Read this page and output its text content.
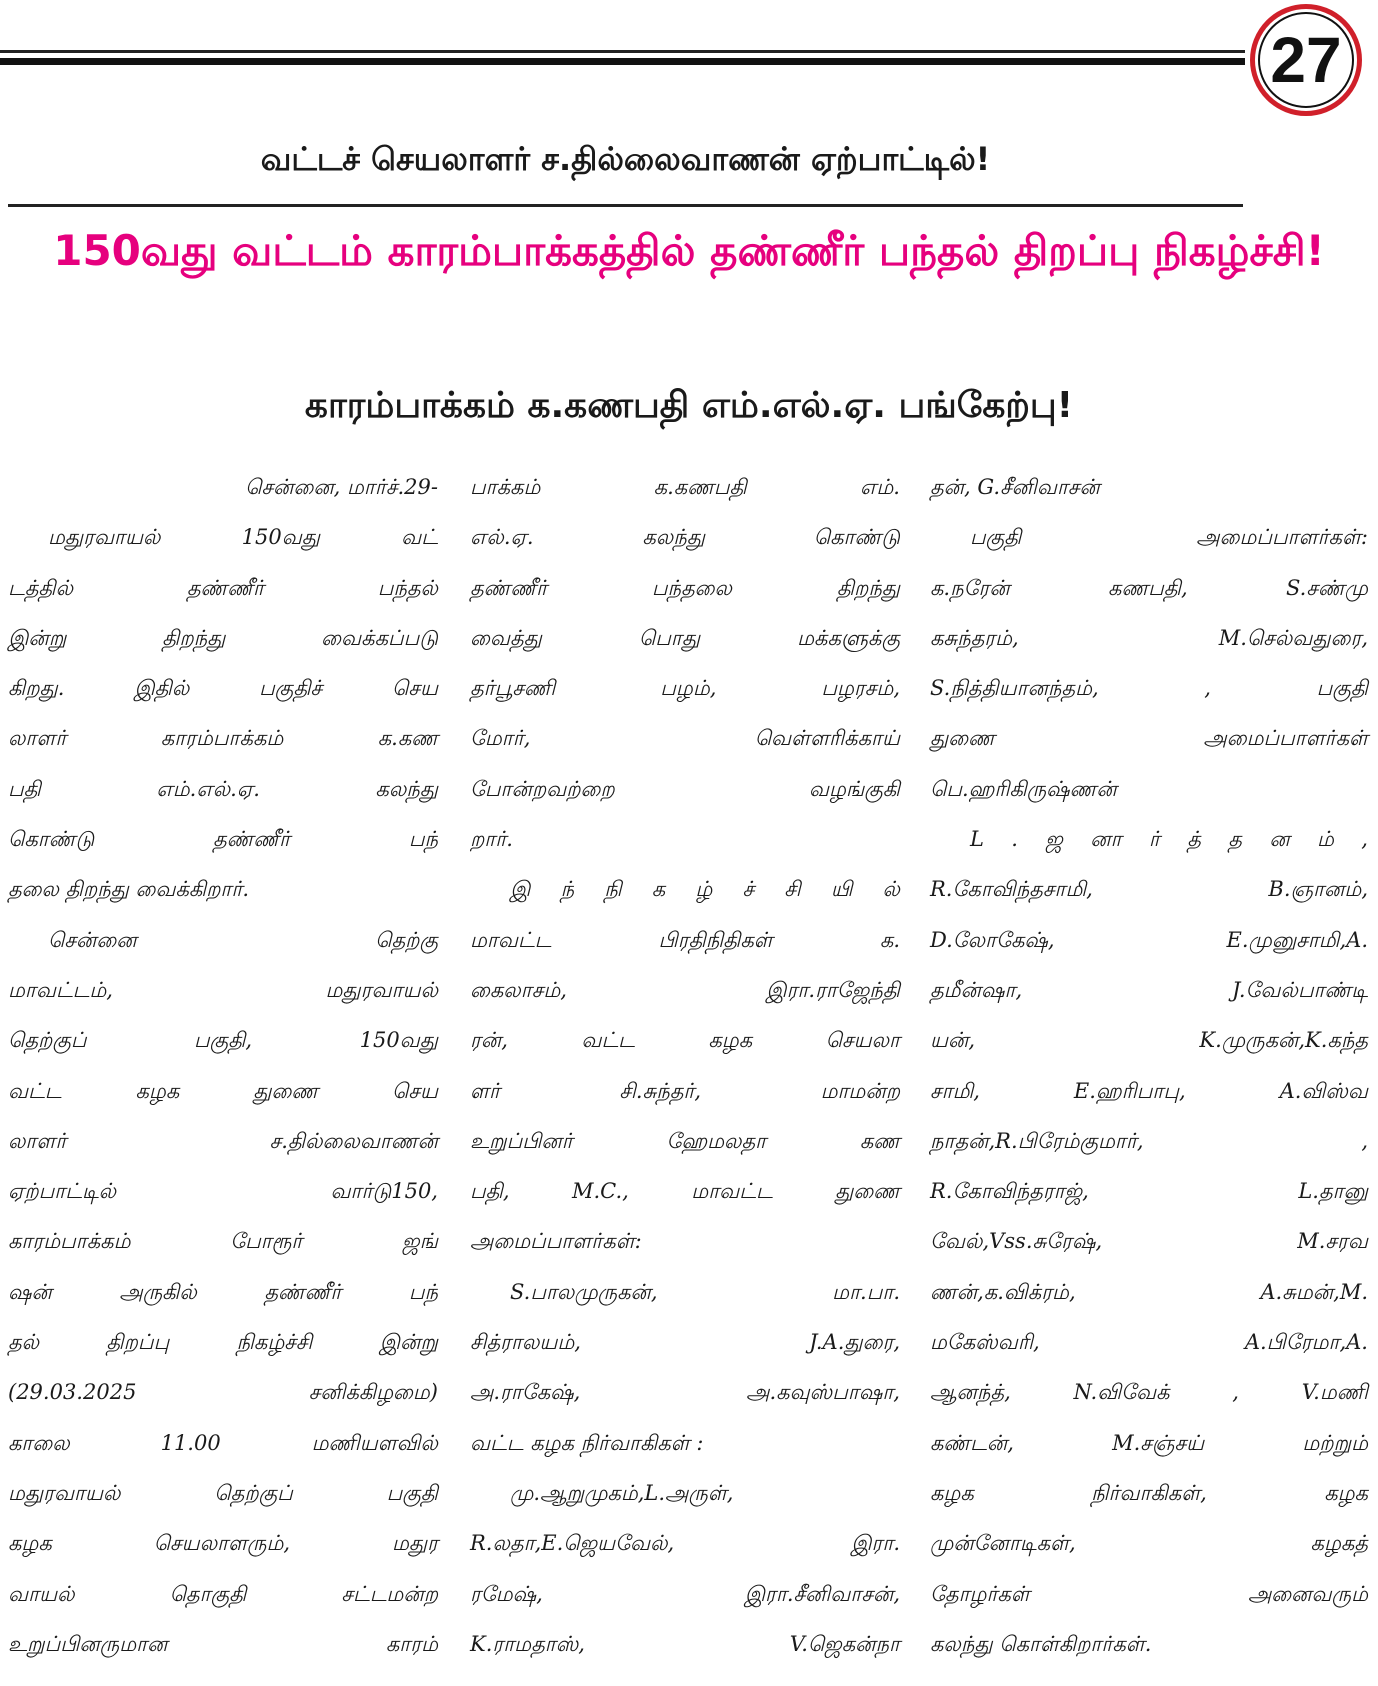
27
வட்டச் செயலாளர் ச.தில்லைவாணன் ஏற்பாட்டில்!
150வது வட்டம் காரம்பாக்கத்தில் தண்ணீர் பந்தல் திறப்பு நிகழ்ச்சி!
காரம்பாக்கம் க.கணபதி எம்.எல்.ஏ. பங்கேற்பு!
சென்னை, மார்ச்.29-
மதுரவாயல் 150வது வட்
டத்தில் தண்ணீர் பந்தல்
இன்று திறந்து வைக்கப்படு
கிறது. இதில் பகுதிச் செய
லாளர் காரம்பாக்கம் க.கண
பதி எம்.எல்.ஏ. கலந்து
கொண்டு தண்ணீர் பந்
தலை திறந்து வைக்கிறார்.
சென்னை தெற்கு
மாவட்டம், மதுரவாயல்
தெற்குப் பகுதி, 150வது
வட்ட கழக துணை செய
லாளர் ச.தில்லைவாணன்
ஏற்பாட்டில் வார்டு150,
காரம்பாக்கம் போரூர் ஜங்
ஷன் அருகில் தண்ணீர் பந்
தல் திறப்பு நிகழ்ச்சி இன்று
(29.03.2025 சனிக்கிழமை)
காலை 11.00 மணியளவில்
மதுரவாயல் தெற்குப் பகுதி
கழக செயலாளரும், மதுர
வாயல் தொகுதி சட்டமன்ற
உறுப்பினருமான காரம்
பாக்கம் க.கணபதி எம்.
எல்.ஏ. கலந்து கொண்டு
தண்ணீர் பந்தலை திறந்து
வைத்து பொது மக்களுக்கு
தர்பூசணி பழம், பழரசம்,
மோர், வெள்ளரிக்காய்
போன்றவற்றை வழங்குகி
றார்.
இ ந் நி க ழ் ச் சி யி ல்
மாவட்ட பிரதிநிதிகள் க.
கைலாசம், இரா.ராஜேந்தி
ரன், வட்ட கழக செயலா
ளர் சி.சுந்தர், மாமன்ற
உறுப்பினர் ஹேமலதா கண
பதி, M.C., மாவட்ட துணை
அமைப்பாளர்கள்:
S.பாலமுருகன், மா.பா.
சித்ராலயம், J.A.துரை,
அ.ராகேஷ், அ.கவுஸ்பாஷா,
வட்ட கழக நிர்வாகிகள் :
மு.ஆறுமுகம்,L.அருள்,
R.லதா,E.ஜெயவேல், இரா.
ரமேஷ், இரா.சீனிவாசன்,
K.ராமதாஸ், V.ஜெகன்நா
தன், G.சீனிவாசன்
பகுதி அமைப்பாளர்கள்:
க.நரேன் கணபதி, S.சண்மு
கசுந்தரம், M.செல்வதுரை,
S.நித்தியானந்தம், , பகுதி
துணை அமைப்பாளர்கள்
பெ.ஹரிகிருஷ்ணன்
L . ஜ னா ர் த் த ன ம் ,
R.கோவிந்தசாமி, B.ஞானம்,
D.லோகேஷ், E.முனுசாமி,A.
தமீன்ஷா, J.வேல்பாண்டி
யன், K.முருகன்,K.கந்த
சாமி, E.ஹரிபாபு, A.விஸ்வ
நாதன்,R.பிரேம்குமார், ,
R.கோவிந்தராஜ், L.தானு
வேல்,Vss.சுரேஷ், M.சரவ
ணன்,க.விக்ரம், A.சுமன்,M.
மகேஸ்வரி, A.பிரேமா,A.
ஆனந்த், N.விவேக் , V.மணி
கண்டன், M.சஞ்சய் மற்றும்
கழக நிர்வாகிகள், கழக
முன்னோடிகள், கழகத்
தோழர்கள் அனைவரும்
கலந்து கொள்கிறார்கள்.
